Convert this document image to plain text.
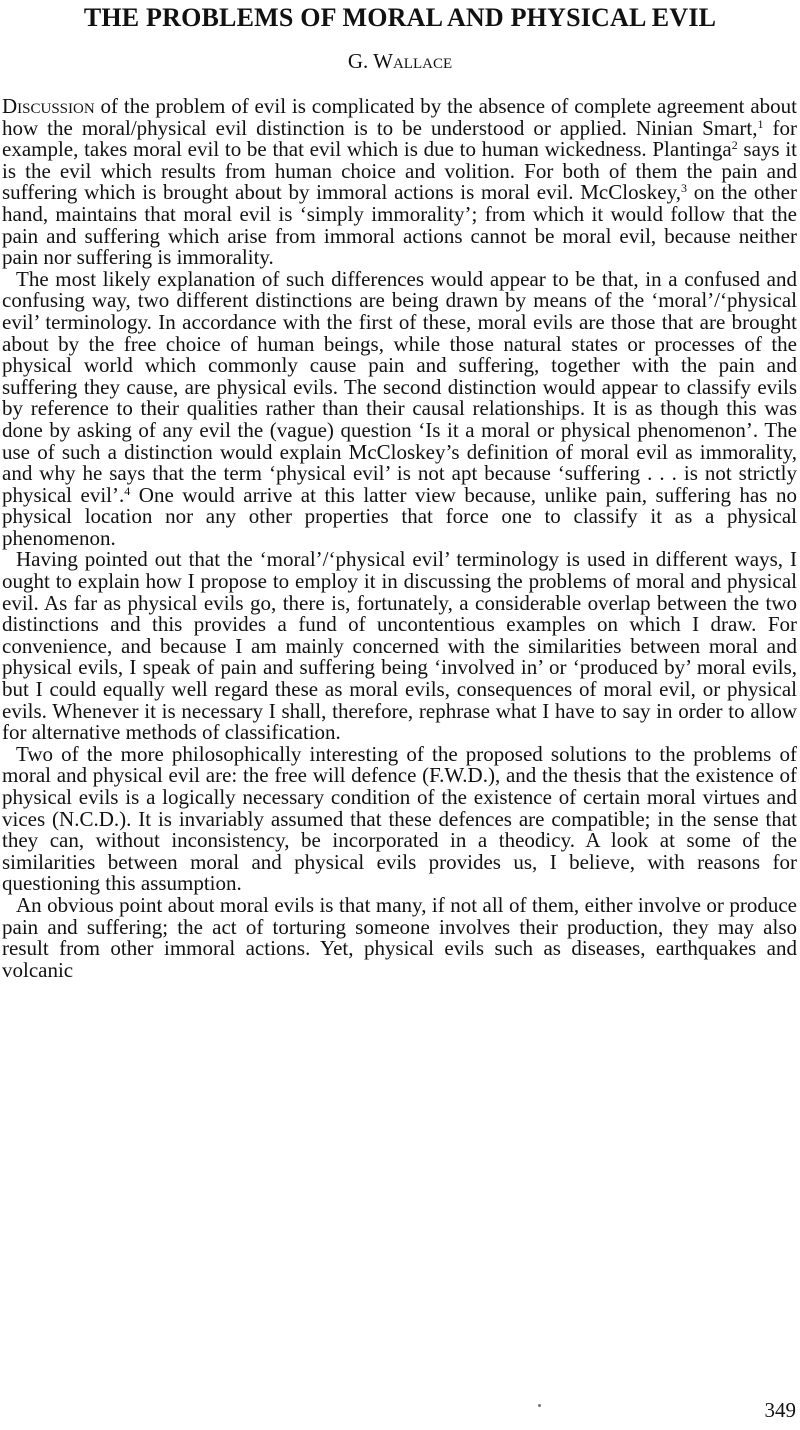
THE PROBLEMS OF MORAL AND PHYSICAL EVIL
G. Wallace

Discussion of the problem of evil is complicated by the absence of complete agreement about how the moral/physical evil distinction is to be understood or applied. Ninian Smart,$^1$ for example, takes moral evil to be that evil which is due to human wickedness. Plantinga$^2$ says it is the evil which results from human choice and volition. For both of them the pain and suffering which is brought about by immoral actions is moral evil. McCloskey,$^3$ on the other hand, maintains that moral evil is ‘simply immorality’; from which it would follow that the pain and suffering which arise from immoral actions cannot be moral evil, because neither pain nor suffering is immorality.

The most likely explanation of such differences would appear to be that, in a confused and confusing way, two different distinctions are being drawn by means of the ‘moral’/‘physical evil’ terminology. In accordance with the first of these, moral evils are those that are brought about by the free choice of human beings, while those natural states or processes of the physical world which commonly cause pain and suffering, together with the pain and suffering they cause, are physical evils. The second distinction would appear to classify evils by reference to their qualities rather than their causal relationships. It is as though this was done by asking of any evil the (vague) question ‘Is it a moral or physical phenomenon’. The use of such a distinction would explain McCloskey’s definition of moral evil as immorality, and why he says that the term ‘physical evil’ is not apt because ‘suffering . . . is not strictly physical evil’.$^4$ One would arrive at this latter view because, unlike pain, suffering has no physical location nor any other properties that force one to classify it as a physical phenomenon.

Having pointed out that the ‘moral’/‘physical evil’ terminology is used in different ways, I ought to explain how I propose to employ it in discussing the problems of moral and physical evil. As far as physical evils go, there is, fortunately, a considerable overlap between the two distinctions and this provides a fund of uncontentious examples on which I draw. For convenience, and because I am mainly concerned with the similarities between moral and physical evils, I speak of pain and suffering being ‘involved in’ or ‘produced by’ moral evils, but I could equally well regard these as moral evils, consequences of moral evil, or physical evils. Whenever it is necessary I shall, therefore, rephrase what I have to say in order to allow for alternative methods of classification.

Two of the more philosophically interesting of the proposed solutions to the problems of moral and physical evil are: the free will defence (F.W.D.), and the thesis that the existence of physical evils is a logically necessary condition of the existence of certain moral virtues and vices (N.C.D.). It is invariably assumed that these defences are compatible; in the sense that they can, without inconsistency, be incorporated in a theodicy. A look at some of the similarities between moral and physical evils provides us, I believe, with reasons for questioning this assumption.

An obvious point about moral evils is that many, if not all of them, either involve or produce pain and suffering; the act of torturing someone involves their production, they may also result from other immoral actions. Yet, physical evils such as diseases, earthquakes and volcanic

349
